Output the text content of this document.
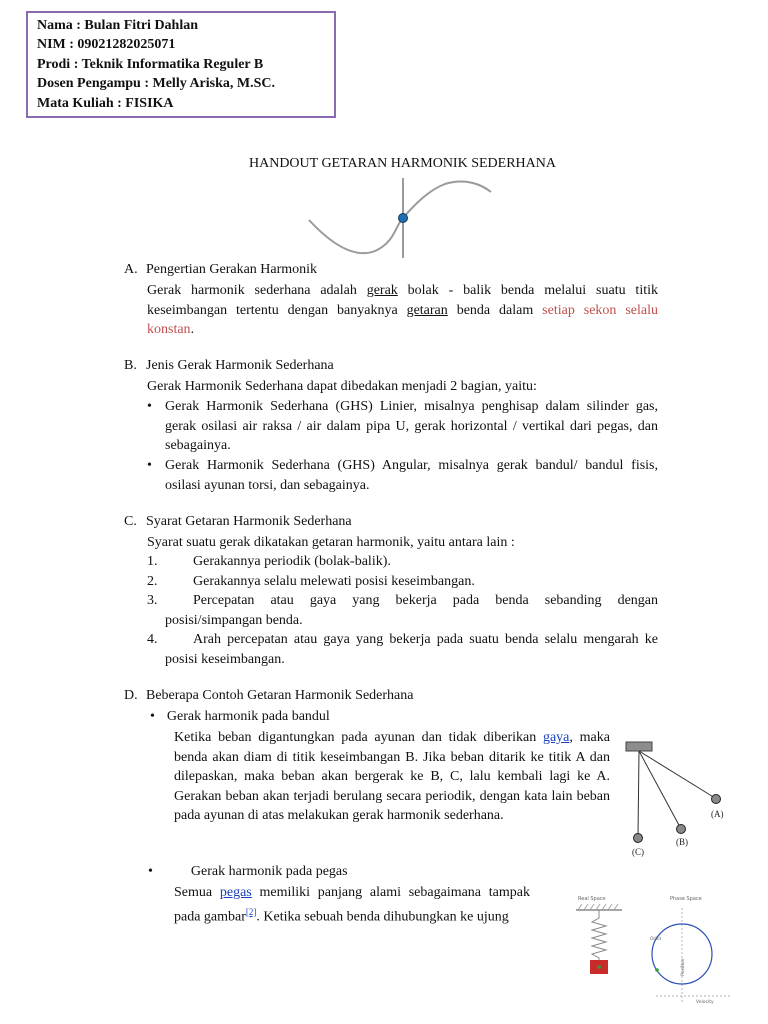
Nama : Bulan Fitri Dahlan
NIM : 09021282025071
Prodi : Teknik Informatika Reguler B
Dosen Pengampu : Melly Ariska, M.SC.
Mata Kuliah : FISIKA
HANDOUT GETARAN HARMONIK SEDERHANA
A. Pengertian Gerakan Harmonik
Gerak harmonik sederhana adalah gerak bolak - balik benda melalui suatu titik keseimbangan tertentu dengan banyaknya getaran benda dalam setiap sekon selalu konstan.
B. Jenis Gerak Harmonik Sederhana
Gerak Harmonik Sederhana dapat dibedakan menjadi 2 bagian, yaitu:
• Gerak Harmonik Sederhana (GHS) Linier, misalnya penghisap dalam silinder gas, gerak osilasi air raksa / air dalam pipa U, gerak horizontal / vertikal dari pegas, dan sebagainya.
• Gerak Harmonik Sederhana (GHS) Angular, misalnya gerak bandul/ bandul fisis, osilasi ayunan torsi, dan sebagainya.
C. Syarat Getaran Harmonik Sederhana
Syarat suatu gerak dikatakan getaran harmonik, yaitu antara lain :
1.	Gerakannya periodik (bolak-balik).
2.	Gerakannya selalu melewati posisi keseimbangan.
3.	Percepatan atau gaya yang bekerja pada benda sebanding dengan posisi/simpangan benda.
4.	Arah percepatan atau gaya yang bekerja pada suatu benda selalu mengarah ke posisi keseimbangan.
D. Beberapa Contoh Getaran Harmonik Sederhana
• Gerak harmonik pada bandul
Ketika beban digantungkan pada ayunan dan tidak diberikan gaya, maka benda akan diam di titik keseimbangan B. Jika beban ditarik ke titik A dan dilepaskan, maka beban akan bergerak ke B, C, lalu kembali lagi ke A. Gerakan beban akan terjadi berulang secara periodik, dengan kata lain beban pada ayunan di atas melakukan gerak harmonik sederhana.	(A)
(B)
(C)
•	Gerak harmonik pada pegas
Semua pegas memiliki panjang alami sebagaimana tampak pada gambar[2]. Ketika sebuah benda dihubungkan ke ujung
Real Space	Phase Space
Orbit
Position
Velocity
